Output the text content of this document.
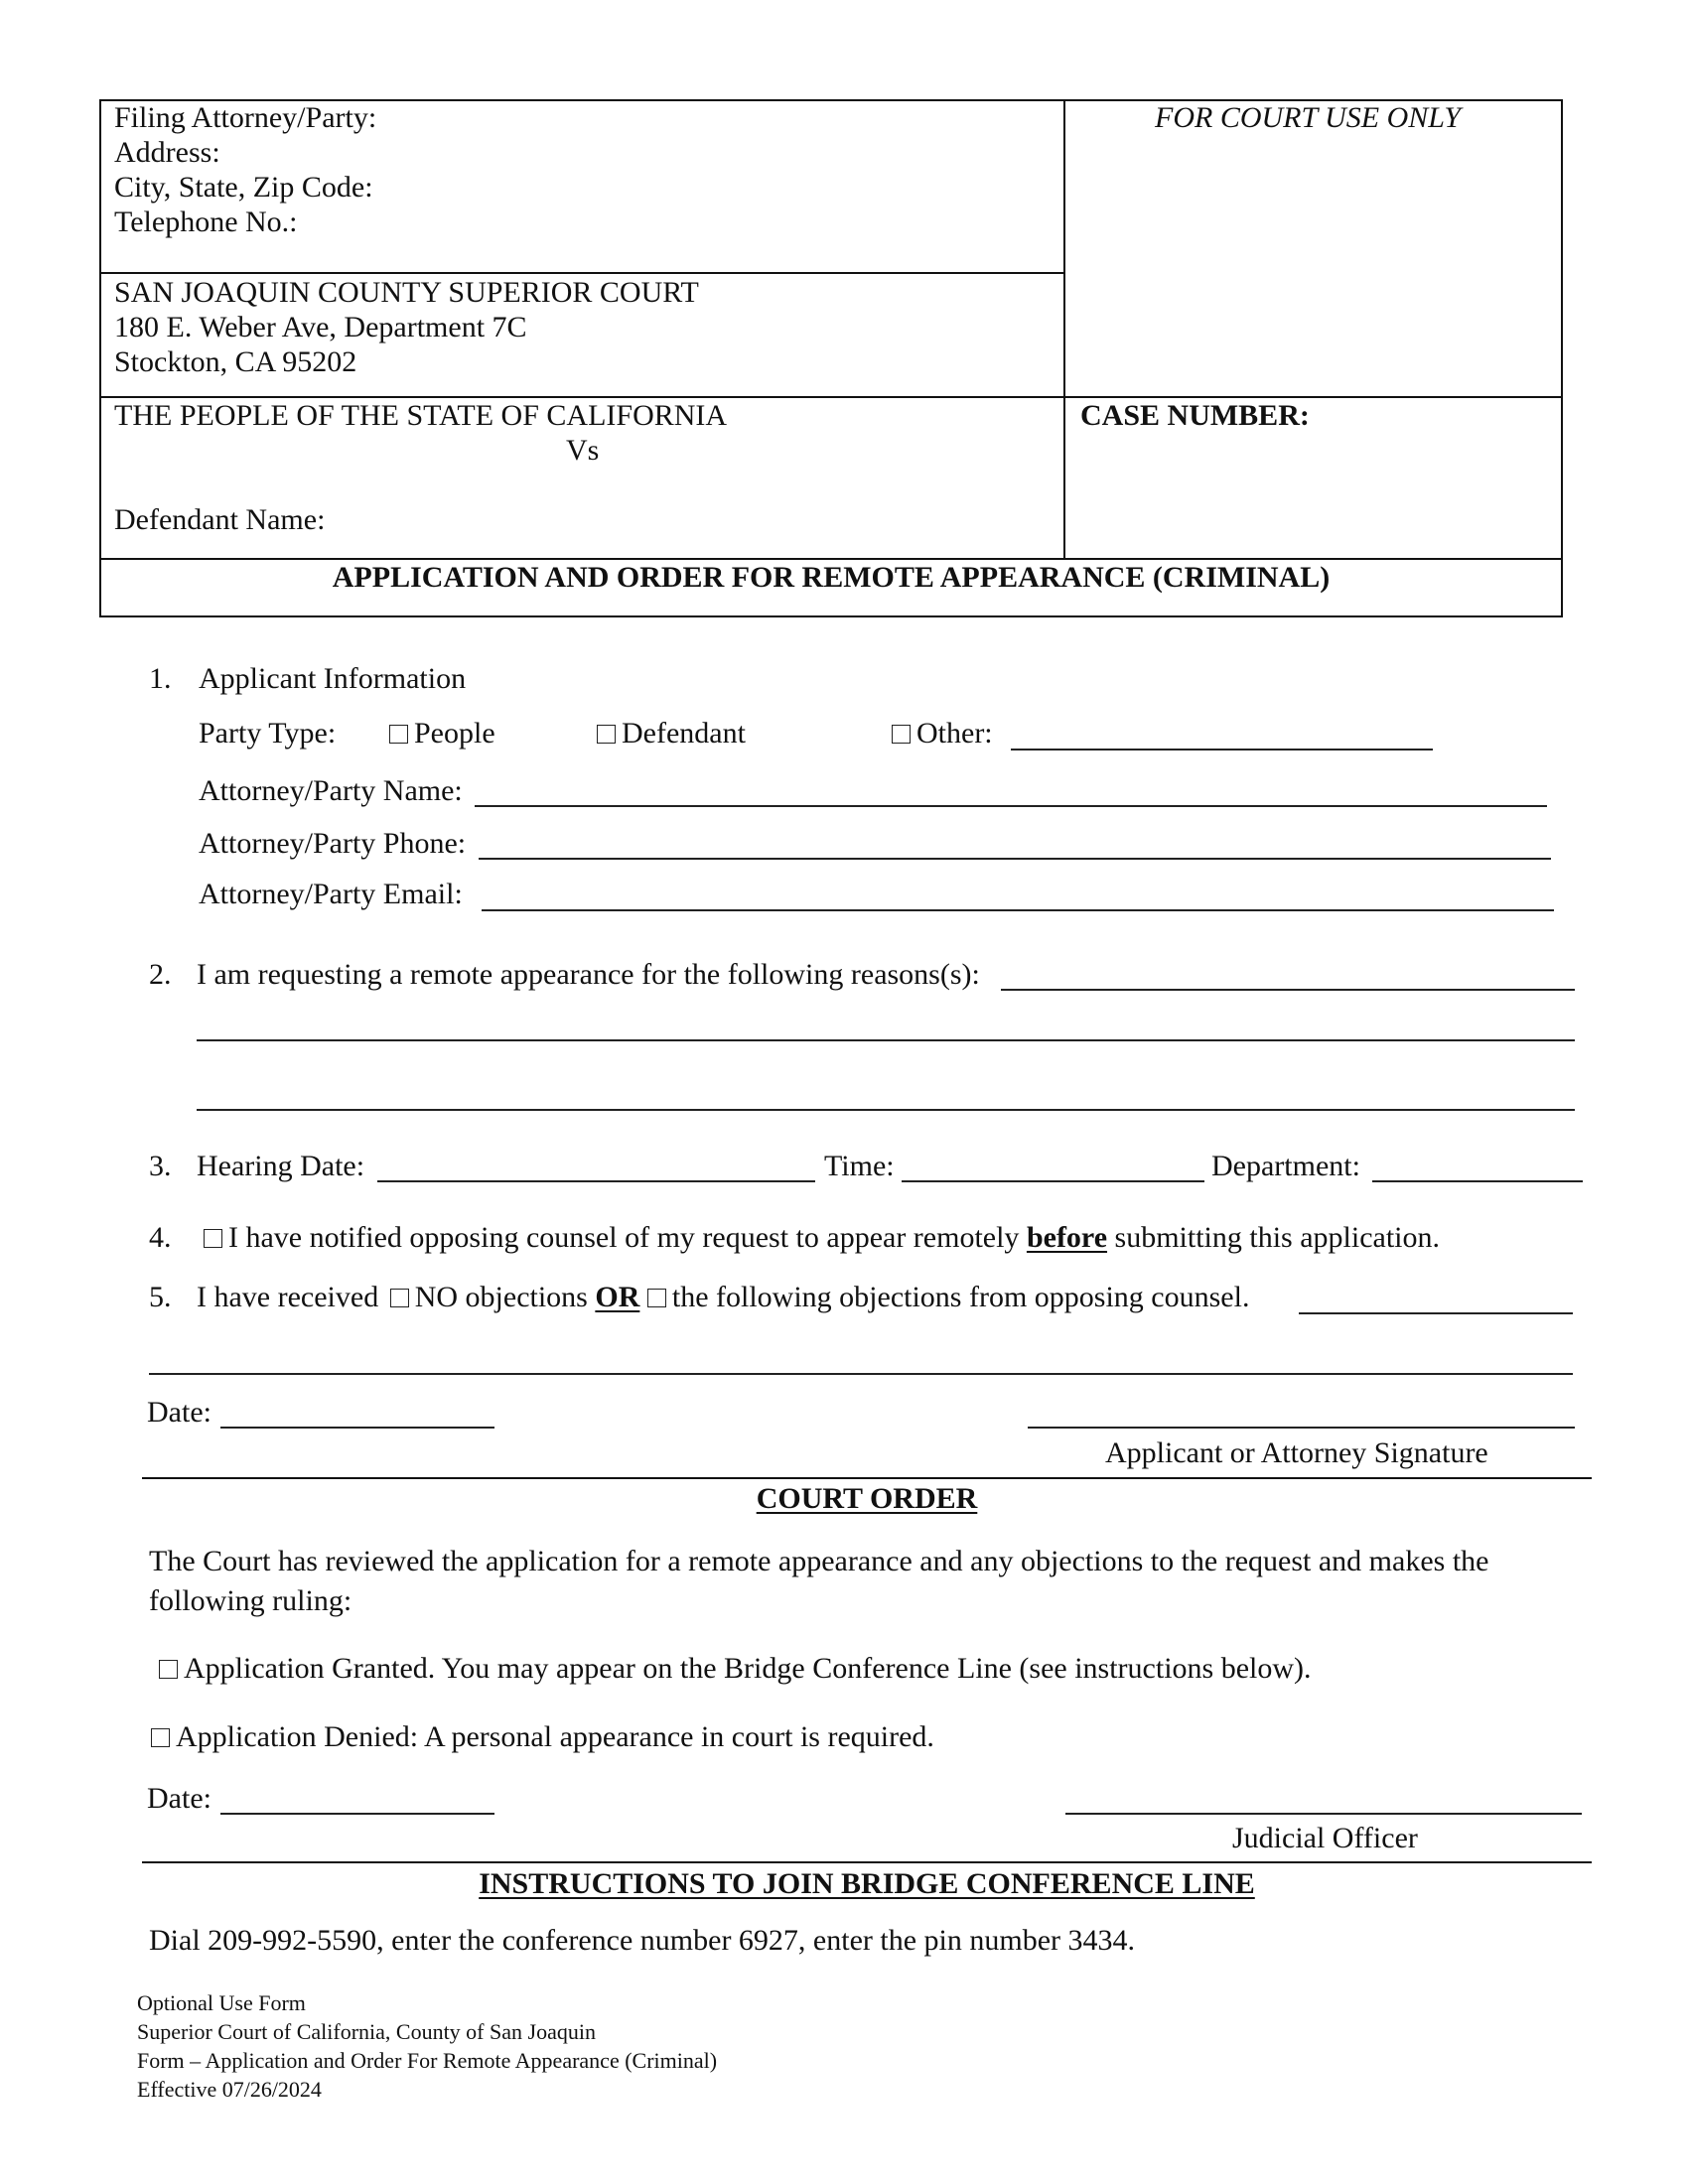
Filing Attorney/Party:
Address:
City, State, Zip Code:
Telephone No.:
FOR COURT USE ONLY
SAN JOAQUIN COUNTY SUPERIOR COURT
180 E. Weber Ave, Department 7C
Stockton, CA 95202
THE PEOPLE OF THE STATE OF CALIFORNIA
Vs
Defendant Name:
CASE NUMBER:
APPLICATION AND ORDER FOR REMOTE APPEARANCE (CRIMINAL)
1. Applicant Information
Party Type:	People	Defendant	Other:
Attorney/Party Name:
Attorney/Party Phone:
Attorney/Party Email:
2. I am requesting a remote appearance for the following reasons(s):
3. Hearing Date:	Time:	Department:
4.	I have notified opposing counsel of my request to appear remotely before submitting this application.
5. I have received NO objections OR the following objections from opposing counsel.
Date:
Applicant or Attorney Signature
COURT ORDER
The Court has reviewed the application for a remote appearance and any objections to the request and makes the
following ruling:
Application Granted. You may appear on the Bridge Conference Line (see instructions below).
Application Denied: A personal appearance in court is required.
Date:
Judicial Officer
INSTRUCTIONS TO JOIN BRIDGE CONFERENCE LINE
Dial 209-992-5590, enter the conference number 6927, enter the pin number 3434.
Optional Use Form
Superior Court of California, County of San Joaquin
Form – Application and Order For Remote Appearance (Criminal)
Effective 07/26/2024
